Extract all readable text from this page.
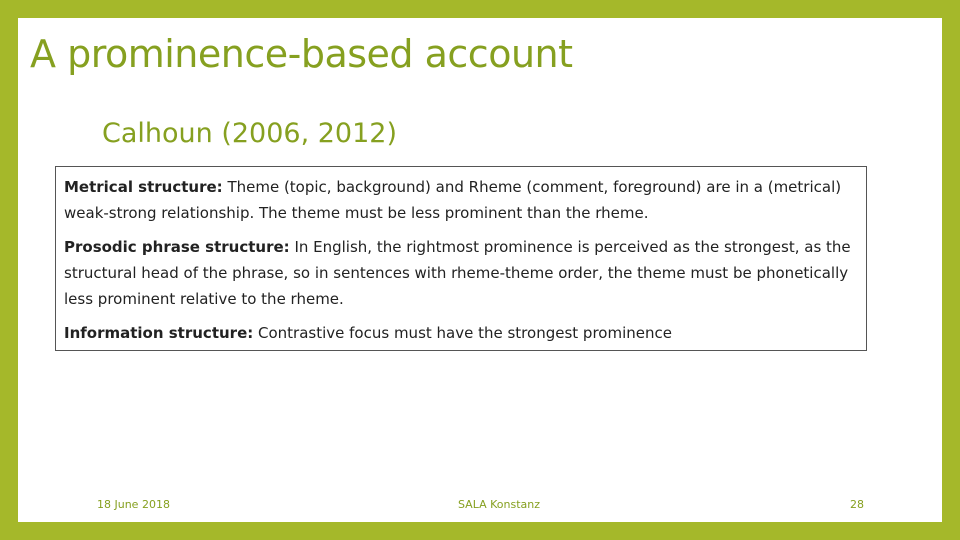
A prominence-based account
Calhoun (2006, 2012)

Metrical structure: Theme (topic, background) and Rheme (comment, foreground) are in a (metrical) weak-strong relationship. The theme must be less prominent than the rheme.

Prosodic phrase structure: In English, the rightmost prominence is perceived as the strongest, as the structural head of the phrase, so in sentences with rheme-theme order, the theme must be phonetically less prominent relative to the rheme.

Information structure: Contrastive focus must have the strongest prominence

18 June 2018	SALA Konstanz	28
